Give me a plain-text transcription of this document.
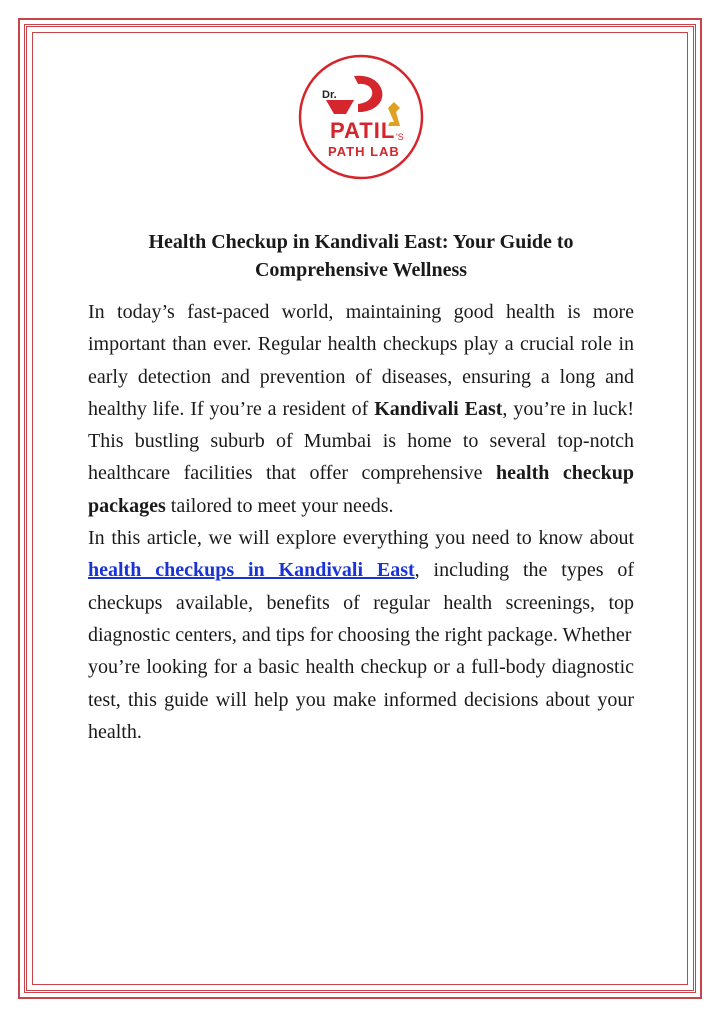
Dr.
PATIL 'S
PATH LAB
Health Checkup in Kandivali East: Your Guide to
Comprehensive Wellness

In today’s fast-paced world, maintaining good health is more important than ever. Regular health checkups play a crucial role in early detection and prevention of diseases, ensuring a long and healthy life. If you’re a resident of Kandivali East, you’re in luck! This bustling suburb of Mumbai is home to several top-notch healthcare facilities that offer comprehensive health checkup packages tailored to meet your needs.

In this article, we will explore everything you need to know about health checkups in Kandivali East, including the types of checkups available, benefits of regular health screenings, top diagnostic centers, and tips for choosing the right package. Whether

you’re looking for a basic health checkup or a full-body diagnostic test, this guide will help you make informed decisions about your health.
